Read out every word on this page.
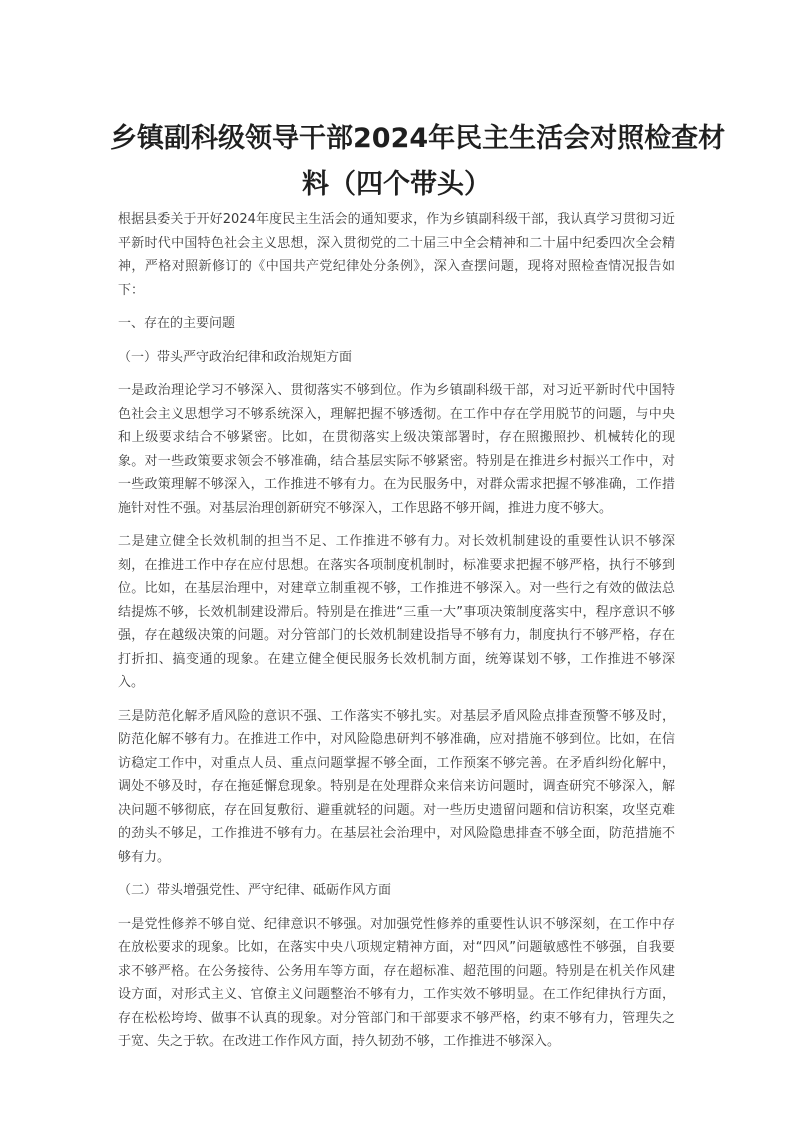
乡镇副科级领导干部2024年民主生活会对照检查材
料（四个带头）

根据县委关于开好2024年度民主生活会的通知要求，作为乡镇副科级干部，我认真学习贯彻习近平新时代中国特色社会主义思想，深入贯彻党的二十届三中全会精神和二十届中纪委四次全会精神，严格对照新修订的《中国共产党纪律处分条例》，深入查摆问题，现将对照检查情况报告如下：

一、存在的主要问题

（一）带头严守政治纪律和政治规矩方面

一是政治理论学习不够深入、贯彻落实不够到位。作为乡镇副科级干部，对习近平新时代中国特色社会主义思想学习不够系统深入，理解把握不够透彻。在工作中存在学用脱节的问题，与中央和上级要求结合不够紧密。比如，在贯彻落实上级决策部署时，存在照搬照抄、机械转化的现象。对一些政策要求领会不够准确，结合基层实际不够紧密。特别是在推进乡村振兴工作中，对一些政策理解不够深入，工作推进不够有力。在为民服务中，对群众需求把握不够准确，工作措施针对性不强。对基层治理创新研究不够深入，工作思路不够开阔，推进力度不够大。

二是建立健全长效机制的担当不足、工作推进不够有力。对长效机制建设的重要性认识不够深刻，在推进工作中存在应付思想。在落实各项制度机制时，标准要求把握不够严格，执行不够到位。比如，在基层治理中，对建章立制重视不够，工作推进不够深入。对一些行之有效的做法总结提炼不够，长效机制建设滞后。特别是在推进“三重一大”事项决策制度落实中，程序意识不够强，存在越级决策的问题。对分管部门的长效机制建设指导不够有力，制度执行不够严格，存在打折扣、搞变通的现象。在建立健全便民服务长效机制方面，统筹谋划不够，工作推进不够深入。

三是防范化解矛盾风险的意识不强、工作落实不够扎实。对基层矛盾风险点排查预警不够及时，防范化解不够有力。在推进工作中，对风险隐患研判不够准确，应对措施不够到位。比如，在信访稳定工作中，对重点人员、重点问题掌握不够全面，工作预案不够完善。在矛盾纠纷化解中，调处不够及时，存在拖延懈怠现象。特别是在处理群众来信来访问题时，调查研究不够深入，解决问题不够彻底，存在回复敷衍、避重就轻的问题。对一些历史遗留问题和信访积案，攻坚克难的劲头不够足，工作推进不够有力。在基层社会治理中，对风险隐患排查不够全面，防范措施不够有力。

（二）带头增强党性、严守纪律、砥砺作风方面

一是党性修养不够自觉、纪律意识不够强。对加强党性修养的重要性认识不够深刻，在工作中存在放松要求的现象。比如，在落实中央八项规定精神方面，对“四风”问题敏感性不够强，自我要求不够严格。在公务接待、公务用车等方面，存在超标准、超范围的问题。特别是在机关作风建设方面，对形式主义、官僚主义问题整治不够有力，工作实效不够明显。在工作纪律执行方面，存在松松垮垮、做事不认真的现象。对分管部门和干部要求不够严格，约束不够有力，管理失之于宽、失之于软。在改进工作作风方面，持久韧劲不够，工作推进不够深入。
